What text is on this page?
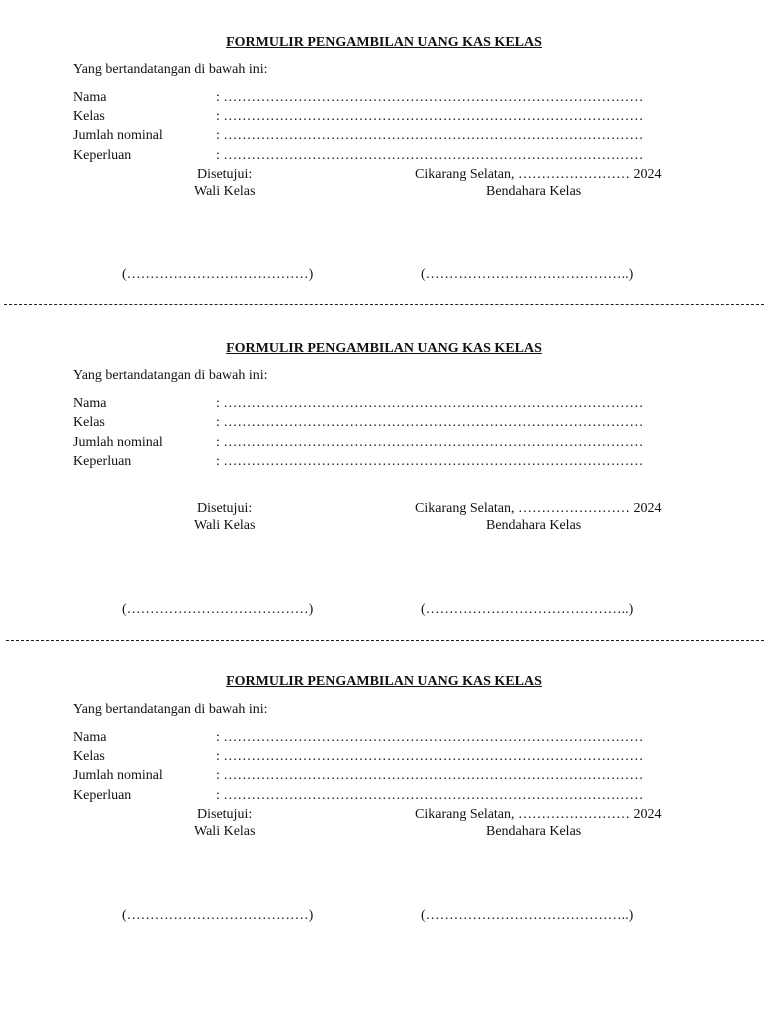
FORMULIR PENGAMBILAN UANG KAS KELAS
Yang bertandatangan di bawah ini:
Nama	: ………………………………………………………………………………
Kelas	: ………………………………………………………………………………
Jumlah nominal	: ………………………………………………………………………………
Keperluan	: ………………………………………………………………………………
Disetujui:	Cikarang Selatan, …………………… 2024
Wali Kelas	Bendahara Kelas
(…………………………………)	(……………………………………..)
FORMULIR PENGAMBILAN UANG KAS KELAS
Yang bertandatangan di bawah ini:
Nama	: ………………………………………………………………………………
Kelas	: ………………………………………………………………………………
Jumlah nominal	: ………………………………………………………………………………
Keperluan	: ………………………………………………………………………………
Disetujui:	Cikarang Selatan, …………………… 2024
Wali Kelas	Bendahara Kelas
(…………………………………)	(……………………………………..)
FORMULIR PENGAMBILAN UANG KAS KELAS
Yang bertandatangan di bawah ini:
Nama	: ………………………………………………………………………………
Kelas	: ………………………………………………………………………………
Jumlah nominal	: ………………………………………………………………………………
Keperluan	: ………………………………………………………………………………
Disetujui:	Cikarang Selatan, …………………… 2024
Wali Kelas	Bendahara Kelas
(…………………………………)	(……………………………………..)
